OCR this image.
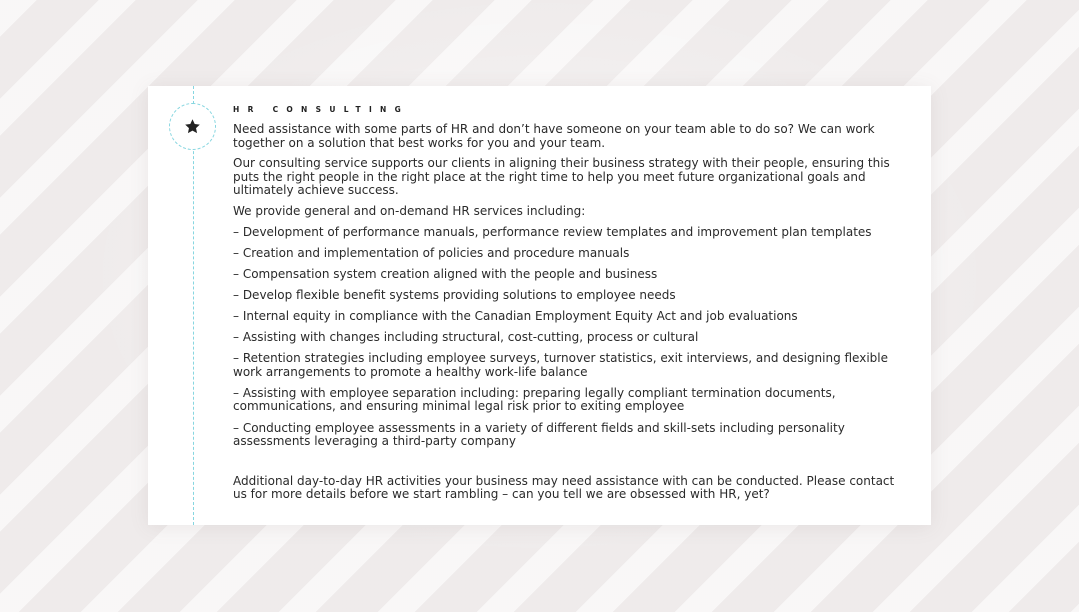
HR CONSULTING

Need assistance with some parts of HR and don’t have someone on your team able to do so? We can work together on a solution that best works for you and your team.

Our consulting service supports our clients in aligning their business strategy with their people, ensuring this puts the right people in the right place at the right time to help you meet future organizational goals and ultimately achieve success.

We provide general and on-demand HR services including:

– Development of performance manuals, performance review templates and improvement plan templates
– Creation and implementation of policies and procedure manuals
– Compensation system creation aligned with the people and business
– Develop flexible benefit systems providing solutions to employee needs
– Internal equity in compliance with the Canadian Employment Equity Act and job evaluations
– Assisting with changes including structural, cost-cutting, process or cultural
– Retention strategies including employee surveys, turnover statistics, exit interviews, and designing flexible work arrangements to promote a healthy work-life balance
– Assisting with employee separation including: preparing legally compliant termination documents, communications, and ensuring minimal legal risk prior to exiting employee
– Conducting employee assessments in a variety of different fields and skill-sets including personality assessments leveraging a third-party company

Additional day-to-day HR activities your business may need assistance with can be conducted. Please contact us for more details before we start rambling – can you tell we are obsessed with HR, yet?
